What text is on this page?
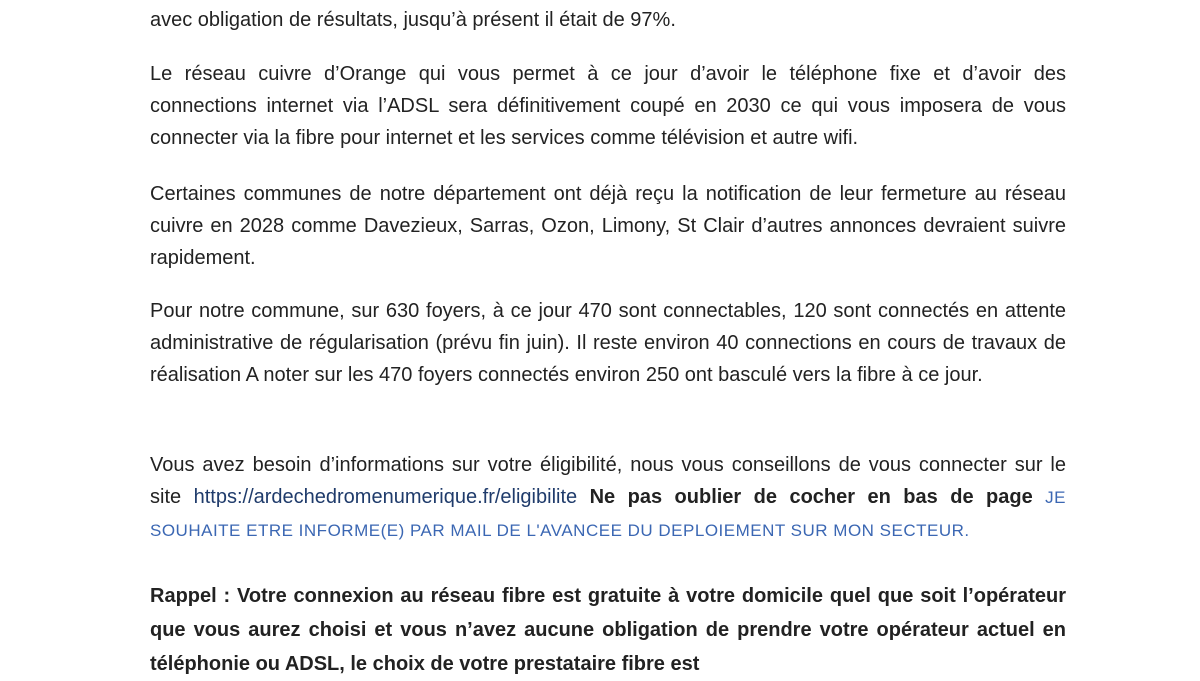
avec obligation de résultats, jusqu’à présent il était de 97%.

Le réseau cuivre d’Orange qui vous permet à ce jour d’avoir le téléphone fixe et d’avoir des connections internet via l’ADSL sera définitivement coupé en 2030 ce qui vous imposera de vous connecter via la fibre pour internet et les services comme télévision et autre wifi.

Certaines communes de notre département ont déjà reçu la notification de leur fermeture au réseau cuivre en 2028 comme Davezieux, Sarras, Ozon, Limony, St Clair d’autres annonces devraient suivre rapidement.

Pour notre commune, sur 630 foyers, à ce jour 470 sont connectables, 120 sont connectés en attente administrative de régularisation (prévu fin juin). Il reste environ 40 connections en cours de travaux de réalisation A noter sur les 470 foyers connectés environ 250 ont basculé vers la fibre à ce jour.

Vous avez besoin d’informations sur votre éligibilité, nous vous conseillons de vous connecter sur le site https://ardechedromenumerique.fr/eligibilite Ne pas oublier de cocher en bas de page JE SOUHAITE ETRE INFORME(E) PAR MAIL DE L'AVANCEE DU DEPLOIEMENT SUR MON SECTEUR.

Rappel : Votre connexion au réseau fibre est gratuite à votre domicile quel que soit l’opérateur que vous aurez choisi et vous n’avez aucune obligation de prendre votre opérateur actuel en téléphonie ou ADSL, le choix de votre prestataire fibre est
